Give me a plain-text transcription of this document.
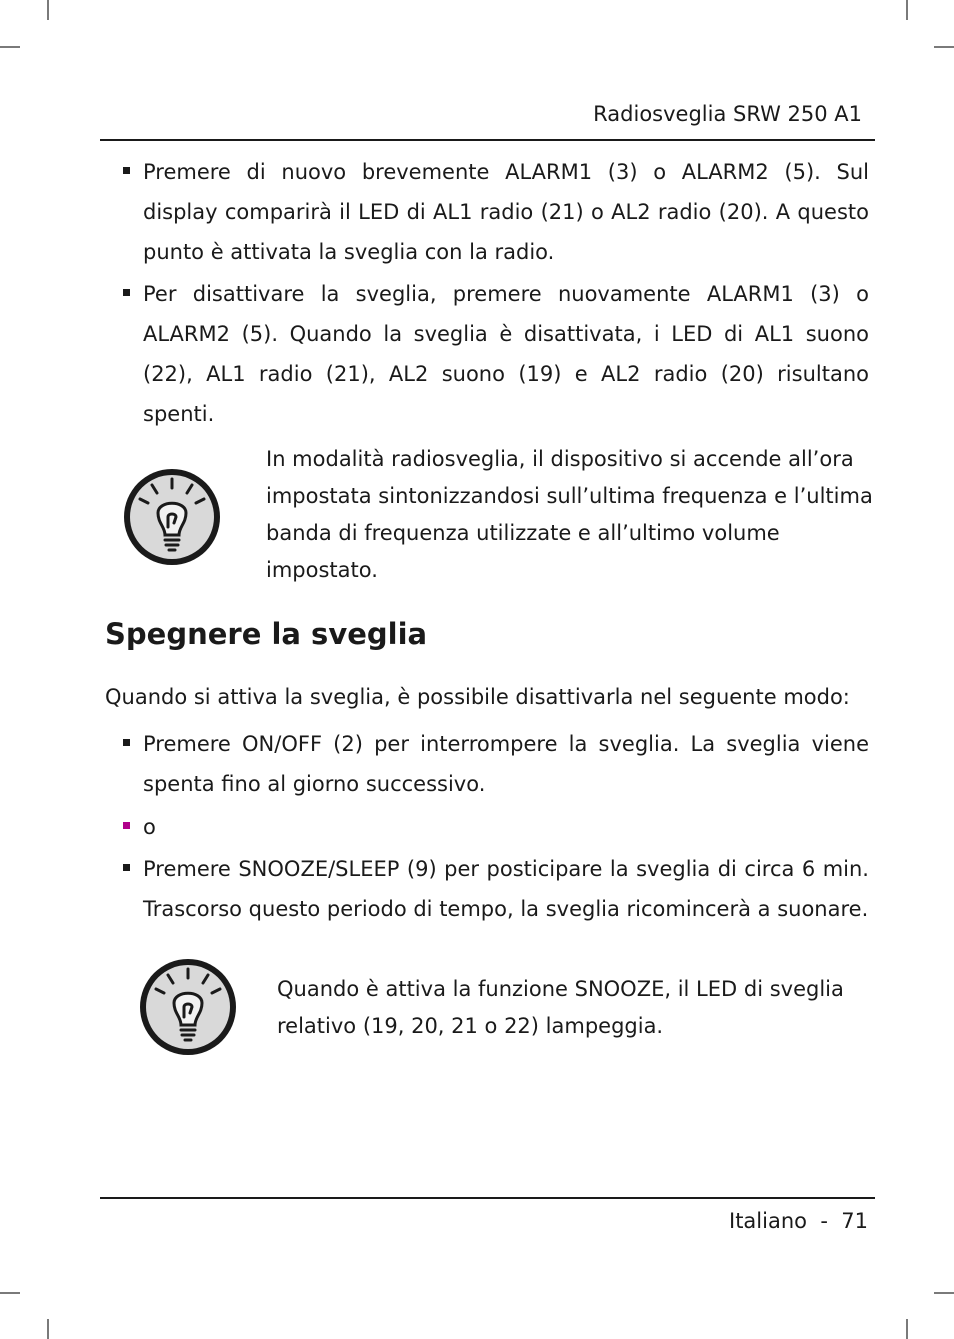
Radiosveglia SRW 250 A1
Premere di nuovo brevemente ALARM1 (3) o ALARM2 (5). Sul display comparirà il LED di AL1 radio (21) o AL2 radio (20). A questo punto è attivata la sveglia con la radio.
Per disattivare la sveglia, premere nuovamente ALARM1 (3) o ALARM2 (5). Quando la sveglia è disattivata, i LED di AL1 suono (22), AL1 radio (21), AL2 suono (19) e AL2 radio (20) risultano spenti.
In modalità radiosveglia, il dispositivo si accende all’ora
impostata sintonizzandosi sull’ultima frequenza e l’ultima
banda di frequenza utilizzate e all’ultimo volume
impostato.
Spegnere la sveglia
Quando si attiva la sveglia, è possibile disattivarla nel seguente modo:
Premere ON/OFF (2) per interrompere la sveglia. La sveglia viene spenta fino al giorno successivo.
o
Premere SNOOZE/SLEEP (9) per posticipare la sveglia di circa 6 min. Trascorso questo periodo di tempo, la sveglia ricomincerà a suonare.
Quando è attiva la funzione SNOOZE, il LED di sveglia
relativo (19, 20, 21 o 22) lampeggia.
Italiano  -  71
